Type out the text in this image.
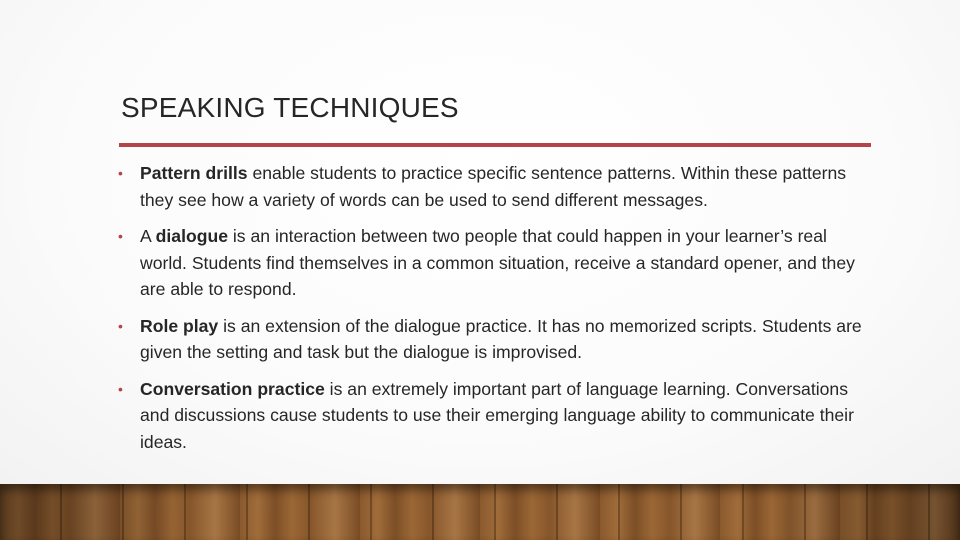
SPEAKING TECHNIQUES
• Pattern drills enable students to practice specific sentence patterns. Within these patterns they see how a variety of words can be used to send different messages.
• A dialogue is an interaction between two people that could happen in your learner’s real world. Students find themselves in a common situation, receive a standard opener, and they are able to respond.
• Role play is an extension of the dialogue practice. It has no memorized scripts. Students are given the setting and task but the dialogue is improvised.
• Conversation practice is an extremely important part of language learning. Conversations and discussions cause students to use their emerging language ability to communicate their ideas.
